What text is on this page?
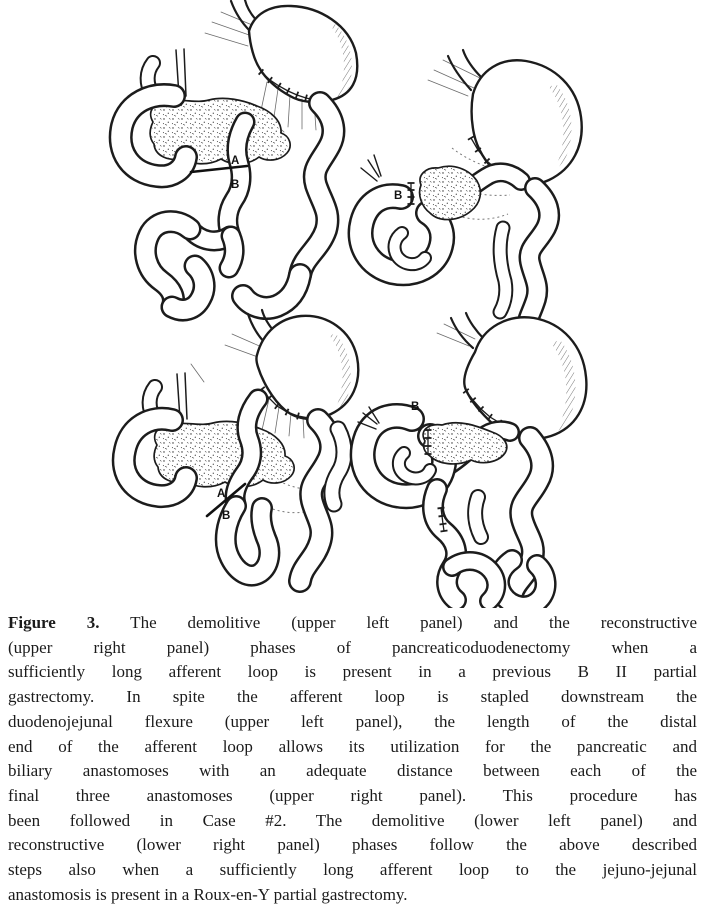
A
B
B
A
B
B
Figure 3. The demolitive (upper left panel) and the reconstructive
(upper right panel) phases of pancreaticoduodenectomy when a
sufficiently long afferent loop is present in a previous B II partial
gastrectomy. In spite the afferent loop is stapled downstream the
duodenojejunal flexure (upper left panel), the length of the distal
end of the afferent loop allows its utilization for the pancreatic and
biliary anastomoses with an adequate distance between each of the
final three anastomoses (upper right panel). This procedure has
been followed in Case #2. The demolitive (lower left panel) and
reconstructive (lower right panel) phases follow the above described
steps also when a sufficiently long afferent loop to the jejuno-jejunal
anastomosis is present in a Roux-en-Y partial gastrectomy.
